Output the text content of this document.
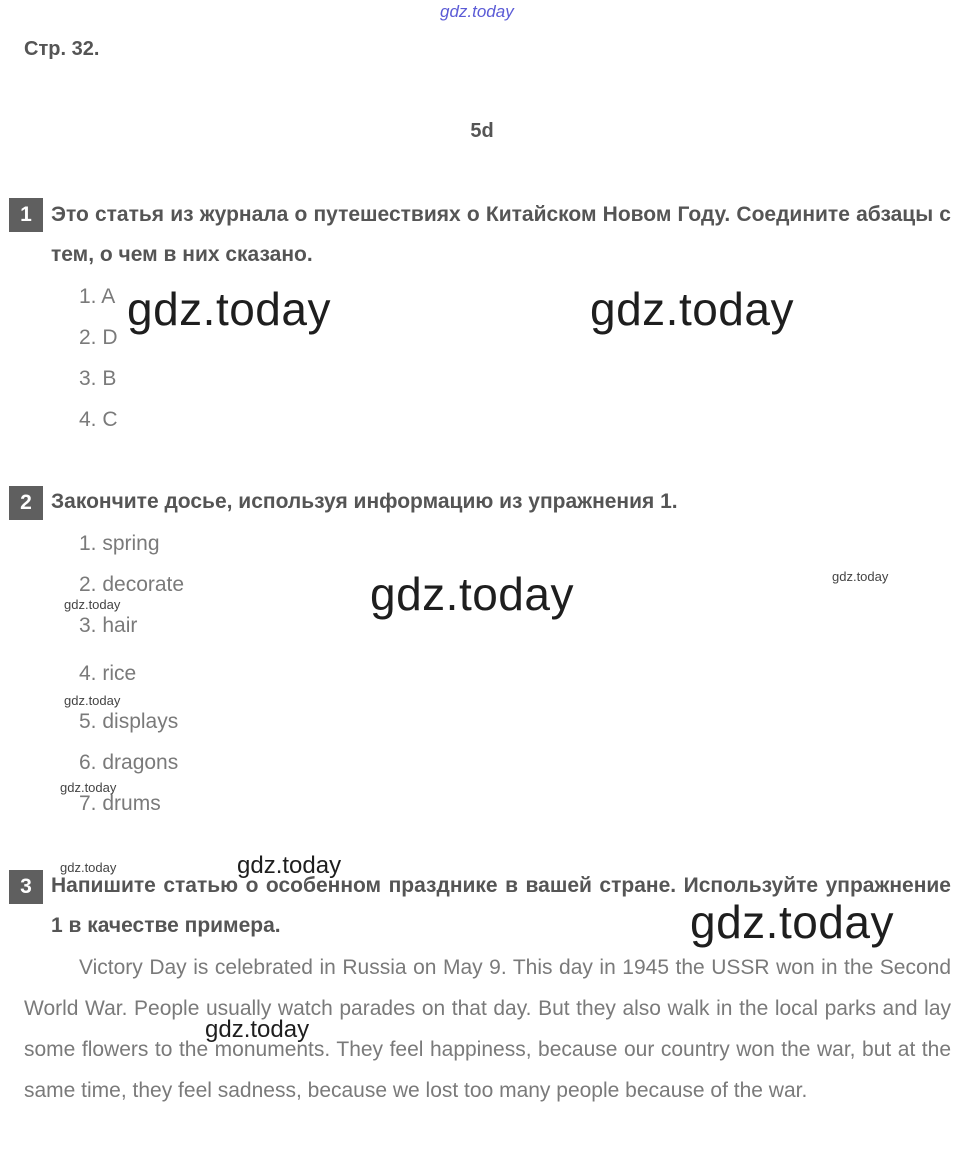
gdz.today
Стр. 32.
5d
1 Это статья из журнала о путешествиях о Китайском Новом Году. Соедините абзацы с тем, о чем в них сказано.
1. A
2. D
3. B
4. C
2 Закончите досье, используя информацию из упражнения 1.
1. spring
2. decorate
3. hair
4. rice
5. displays
6. dragons
7. drums
3 Напишите статью о особенном празднике в вашей стране. Используйте упражнение 1 в качестве примера.
Victory Day is celebrated in Russia on May 9. This day in 1945 the USSR won in the Second World War. People usually watch parades on that day. But they also walk in the local parks and lay some flowers to the monuments. They feel happiness, because our country won the war, but at the same time, they feel sadness, because we lost too many people because of the war.
gdz.today	gdz.today
gdz.today
gdz.today
gdz.today
gdz.today
gdz.today
gdz.today
gdz.today
gdz.today
gdz.today
